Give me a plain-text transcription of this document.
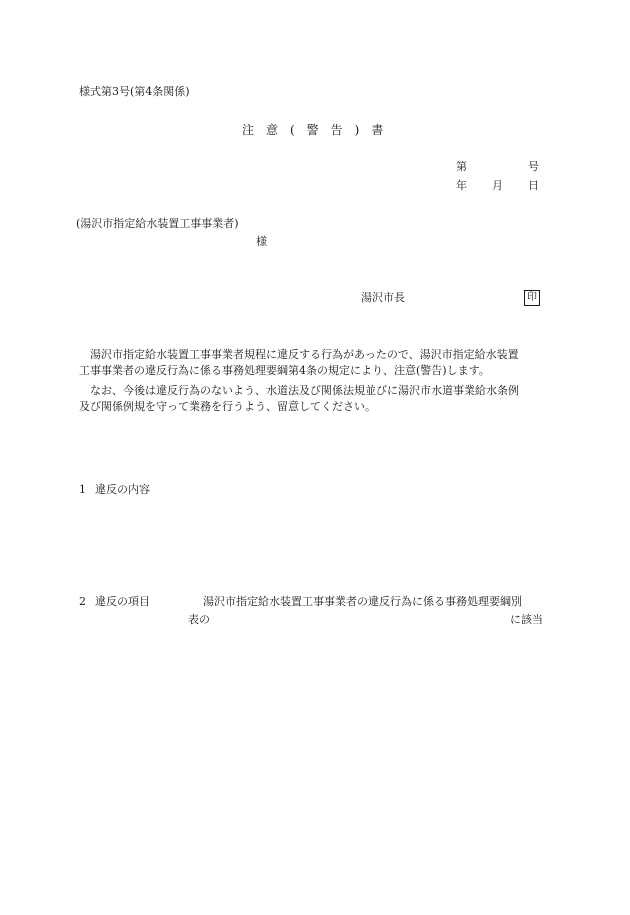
様式第3号(第4条関係)
注　意　(　警　告　)　書
第	号
年 月 日
(湯沢市指定給水装置工事事業者)
様
湯沢市長	印
湯沢市指定給水装置工事事業者規程に違反する行為があったので、湯沢市指定給水装置
工事事業者の違反行為に係る事務処理要綱第4条の規定により、注意(警告)します。
なお、今後は違反行為のないよう、水道法及び関係法規並びに湯沢市水道事業給水条例
及び関係例規を守って業務を行うよう、留意してください。
1 違反の内容
2 違反の項目	湯沢市指定給水装置工事事業者の違反行為に係る事務処理要綱別
表の	に該当
